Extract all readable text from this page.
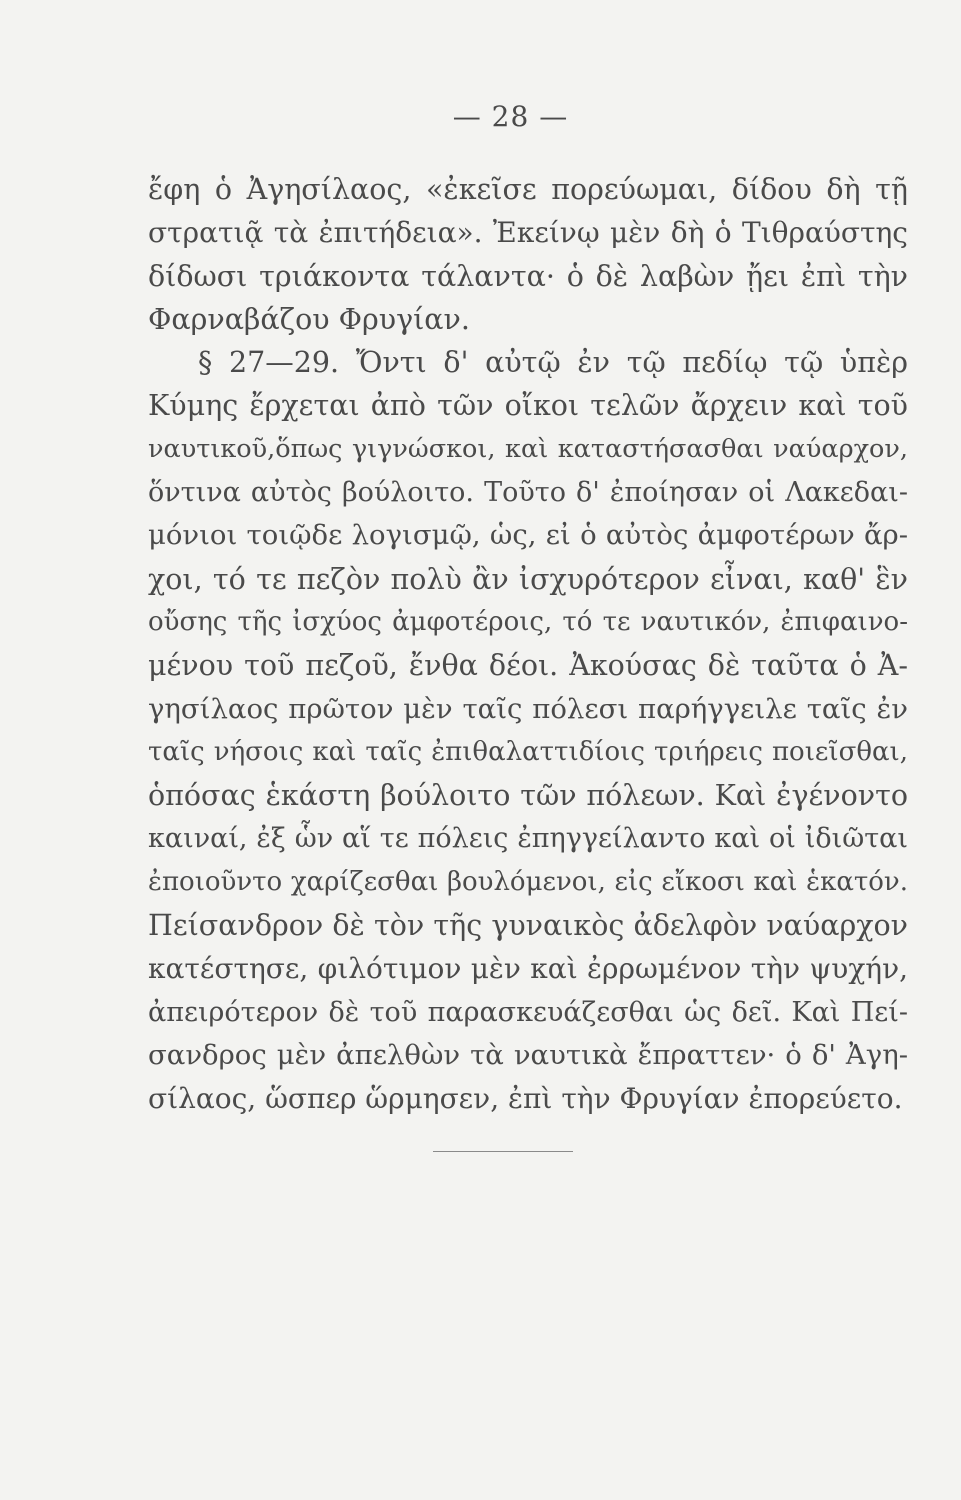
— 28 —
ἔφη ὁ Ἀγησίλαος, «ἐκεῖσε πορεύωμαι, δίδου δὴ τῇ
στρατιᾷ τὰ ἐπιτήδεια». Ἐκείνῳ μὲν δὴ ὁ Τιθραύστης
δίδωσι τριάκοντα τάλαντα· ὁ δὲ λαβὼν ᾔει ἐπὶ τὴν
Φαρναβάζου Φρυγίαν.
§ 27—29. Ὄντι δ' αὐτῷ ἐν τῷ πεδίῳ τῷ ὑπὲρ
Κύμης ἔρχεται ἀπὸ τῶν οἴκοι τελῶν ἄρχειν καὶ τοῦ
ναυτικοῦ,ὅπως γιγνώσκοι, καὶ καταστήσασθαι ναύαρχον,
ὅντινα αὐτὸς βούλοιτο. Τοῦτο δ' ἐποίησαν οἱ Λακεδαι-
μόνιοι τοιῷδε λογισμῷ, ὡς, εἰ ὁ αὐτὸς ἀμφοτέρων ἄρ-
χοι, τό τε πεζὸν πολὺ ἂν ἰσχυρότερον εἶναι, καθ' ἓν
οὔσης τῆς ἰσχύος ἀμφοτέροις, τό τε ναυτικόν, ἐπιφαινο-
μένου τοῦ πεζοῦ, ἔνθα δέοι. Ἀκούσας δὲ ταῦτα ὁ Ἀ-
γησίλαος πρῶτον μὲν ταῖς πόλεσι παρήγγειλε ταῖς ἐν
ταῖς νήσοις καὶ ταῖς ἐπιθαλαττιδίοις τριήρεις ποιεῖσθαι,
ὁπόσας ἑκάστη βούλοιτο τῶν πόλεων. Καὶ ἐγένοντο
καιναί, ἐξ ὧν αἵ τε πόλεις ἐπηγγείλαντο καὶ οἱ ἰδιῶται
ἐποιοῦντο χαρίζεσθαι βουλόμενοι, εἰς εἴκοσι καὶ ἑκατόν.
Πείσανδρον δὲ τὸν τῆς γυναικὸς ἀδελφὸν ναύαρχον
κατέστησε, φιλότιμον μὲν καὶ ἐρρωμένον τὴν ψυχήν,
ἀπειρότερον δὲ τοῦ παρασκευάζεσθαι ὡς δεῖ. Καὶ Πεί-
σανδρος μὲν ἀπελθὼν τὰ ναυτικὰ ἔπραττεν· ὁ δ' Ἀγη-
σίλαος, ὥσπερ ὥρμησεν, ἐπὶ τὴν Φρυγίαν ἐπορεύετο.
